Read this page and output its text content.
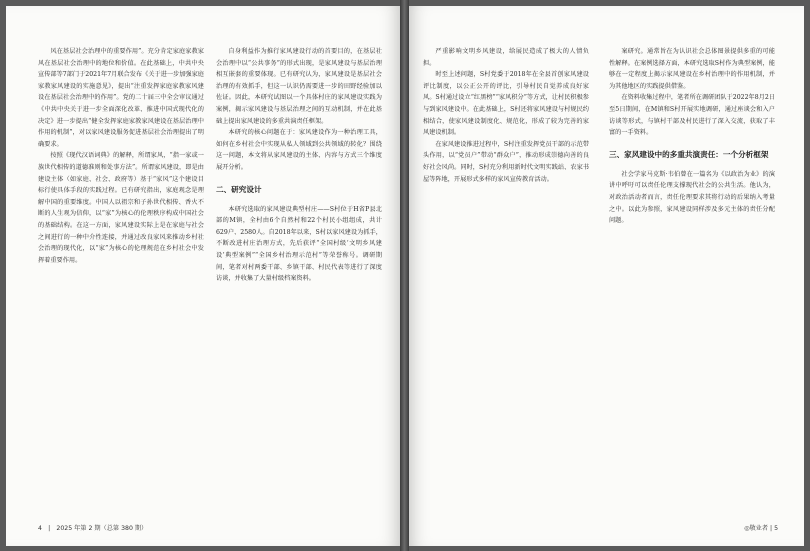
风在基层社会治理中的重要作用”。充分肯定家庭家教家风在基层社会治理中的地位和价值。在此基础上，中共中央宣传部等7部门于2021年7月联合发布《关于进一步加强家庭家教家风建设的实施意见》，提出“注重发挥家庭家教家风建设在基层社会治理中的作用”。党的二十届三中全会审议通过《中共中央关于进一步全面深化改革、推进中国式现代化的决定》进一步提出“健全发挥家庭家教家风建设在基层治理中作用的机制”，对以家风建设服务促进基层社会治理提出了明确要求。

按照《现代汉语词典》的解释，所谓家风，“指一家或一族世代相传的道德准则和处事方法”。所谓家风建设，即是由建设主体（如家庭、社会、政府等）基于“家风”这个建设目标行使具体手段的实践过程。已有研究指出，家庭观念是理解中国的重要维度。中国人以祖宗和子孙世代相传、香火不断的人生观为信仰，以“家”为核心的伦理秩序构成中国社会的基础结构。在这一方面，家风建设实际上是在家庭与社会之间进行的一种中介性连接，并通过改良家风来推动乡村社会治理的现代化，以“家”为核心的伦理规范在乡村社会中发挥着重要作用。

自身利益作为推行家风建设行动的首要目的，在基层社会治理中以“公共事务”的形式出现，是家风建设与基层治理相互嵌套的重要体现。已有研究认为，家风建设是基层社会治理的有效抓手，但这一认识仍需要进一步的田野经验加以佐证。因此，本研究试图以一个具体村庄的家风建设实践为案例，揭示家风建设与基层治理之间的互动机制，并在此基础上提出家风建设的多重共演责任框架。

本研究的核心问题在于：家风建设作为一种治理工具，如何在乡村社会中实现从私人领域到公共领域的转化？围绕这一问题，本文将从家风建设的主体、内容与方式三个维度展开分析。

二、研究设计

本研究选取的家风建设典型村庄——S村位于H省P县北部的M镇，全村由6个自然村和22个村民小组组成，共计629户、2580人。自2018年以来，S村以家风建设为抓手，不断改进村庄治理方式，先后获评“全国村级‘文明乡风建设’典型案例”“全国乡村治理示范村”等荣誉称号。调研期间，笔者对村两委干部、乡镇干部、村民代表等进行了深度访谈，并收集了大量村级档案资料。

4　|　2025 年第 2 期（总第 380 期）

严重影响文明乡风建设，给展民造成了极大的人情负担。

时至上述问题，S村党委于2018年在全县首创家风建设评比制度，以公正公开的评比，引导村民自觉养成良好家风。S村通过设立“红黑榜”“家风积分”等方式，让村民积极参与到家风建设中。在此基础上，S村还将家风建设与村规民约相结合，使家风建设制度化、规范化，形成了较为完善的家风建设机制。

在家风建设推进过程中，S村注重发挥党员干部的示范带头作用，以“党员户”带动“群众户”，推动形成崇德向善的良好社会风尚。同时，S村充分利用新时代文明实践站、农家书屋等阵地，开展形式多样的家风宣传教育活动。

案研究。通常旨在为认识社会总体图景提供多重的可能性解释。在案例选择方面，本研究选取S村作为典型案例，能够在一定程度上揭示家风建设在乡村治理中的作用机制，并为其他地区的实践提供借鉴。

在资料收集过程中，笔者所在调研团队于2022年8月2日至5日期间，在M镇和S村开展实地调研，通过座谈会和入户访谈等形式，与镇村干部及村民进行了深入交流，获取了丰富的一手资料。

三、家风建设中的多重共演责任：一个分析框架

社会学家马克斯·韦伯曾在一篇名为《以政治为业》的演讲中呼吁可以责任伦理支撑现代社会的公共生活。他认为，对政治活动者而言，责任伦理要求其将行动的后果纳入考量之中。以此为参照，家风建设同样涉及多元主体的责任分配问题。

◎敬业者 | 5
